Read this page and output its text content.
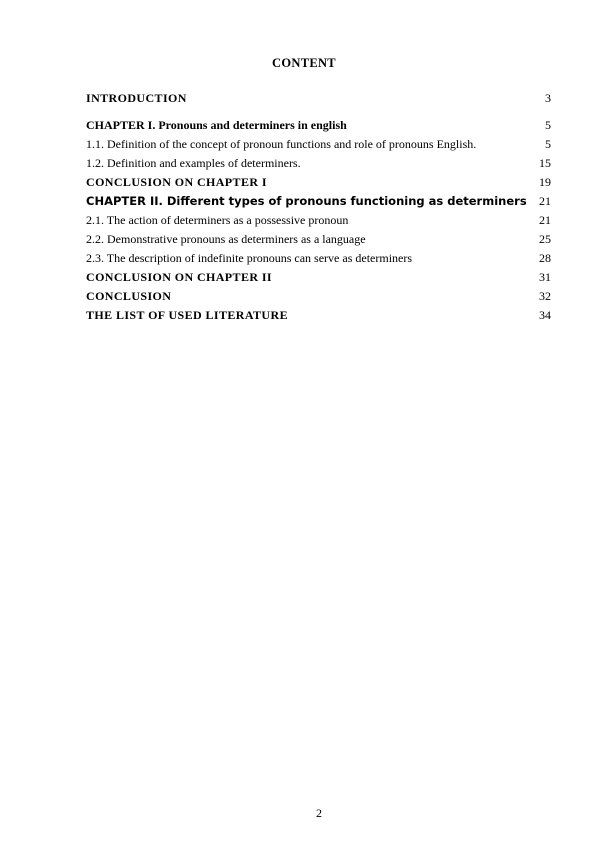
CONTENT
INTRODUCTION	3
CHAPTER I. Pronouns and determiners in english	5
1.1. Definition of the concept of pronoun functions and role of pronouns English.	5
1.2. Definition and examples of determiners.	15
CONCLUSION ON CHAPTER I	19
CHAPTER II. Different types of pronouns functioning as determiners 21
2.1. The action of determiners as a possessive pronoun	21
2.2. Demonstrative pronouns as determiners as a language	25
2.3. The description of indefinite pronouns can serve as determiners	28
CONCLUSION ON CHAPTER II	31
CONCLUSION	32
THE LIST OF USED LITERATURE	34
2
